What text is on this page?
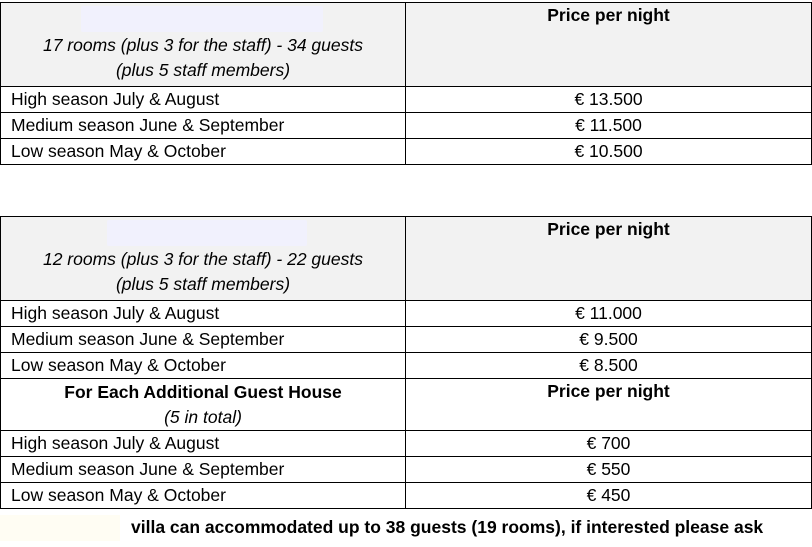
17 rooms (plus 3 for the staff) - 34 guests
(plus 5 staff members)	Price per night
High season July & August	€ 13.500
Medium season June & September	€ 11.500
Low season May & October	€ 10.500
12 rooms (plus 3 for the staff) - 22 guests
(plus 5 staff members)	Price per night
High season July & August	€ 11.000
Medium season June & September	€ 9.500
Low season May & October	€ 8.500

For Each Additional Guest House
(5 in total)	Price per night
High season July & August	€ 700
Medium season June & September	€ 550
Low season May & October	€ 450
villa can accommodated up to 38 guests (19 rooms), if interested please ask
